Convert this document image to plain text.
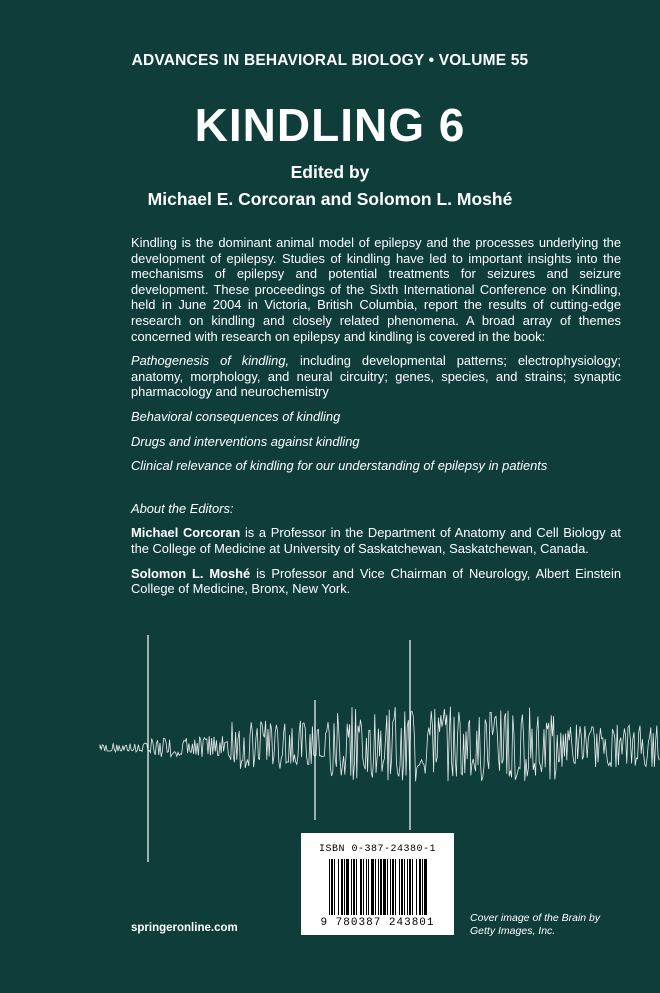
ADVANCES IN BEHAVIORAL BIOLOGY • VOLUME 55
KINDLING 6
Edited by
Michael E. Corcoran and Solomon L. Moshé

Kindling is the dominant animal model of epilepsy and the processes underlying the development of epilepsy. Studies of kindling have led to important insights into the mechanisms of epilepsy and potential treatments for seizures and seizure development. These proceedings of the Sixth International Conference on Kindling, held in June 2004 in Victoria, British Columbia, report the results of cutting-edge research on kindling and closely related phenomena. A broad array of themes concerned with research on epilepsy and kindling is covered in the book:

Pathogenesis of kindling, including developmental patterns; electrophysiology; anatomy, morphology, and neural circuitry; genes, species, and strains; synaptic pharmacology and neurochemistry

Behavioral consequences of kindling

Drugs and interventions against kindling

Clinical relevance of kindling for our understanding of epilepsy in patients

About the Editors:

Michael Corcoran is a Professor in the Department of Anatomy and Cell Biology at the College of Medicine at University of Saskatchewan, Saskatchewan, Canada.

Solomon L. Moshé is Professor and Vice Chairman of Neurology, Albert Einstein College of Medicine, Bronx, New York.

ISBN 0-387-24380-1
9 780387 243801
springeronline.com
Cover image of the Brain by
Getty Images, Inc.
